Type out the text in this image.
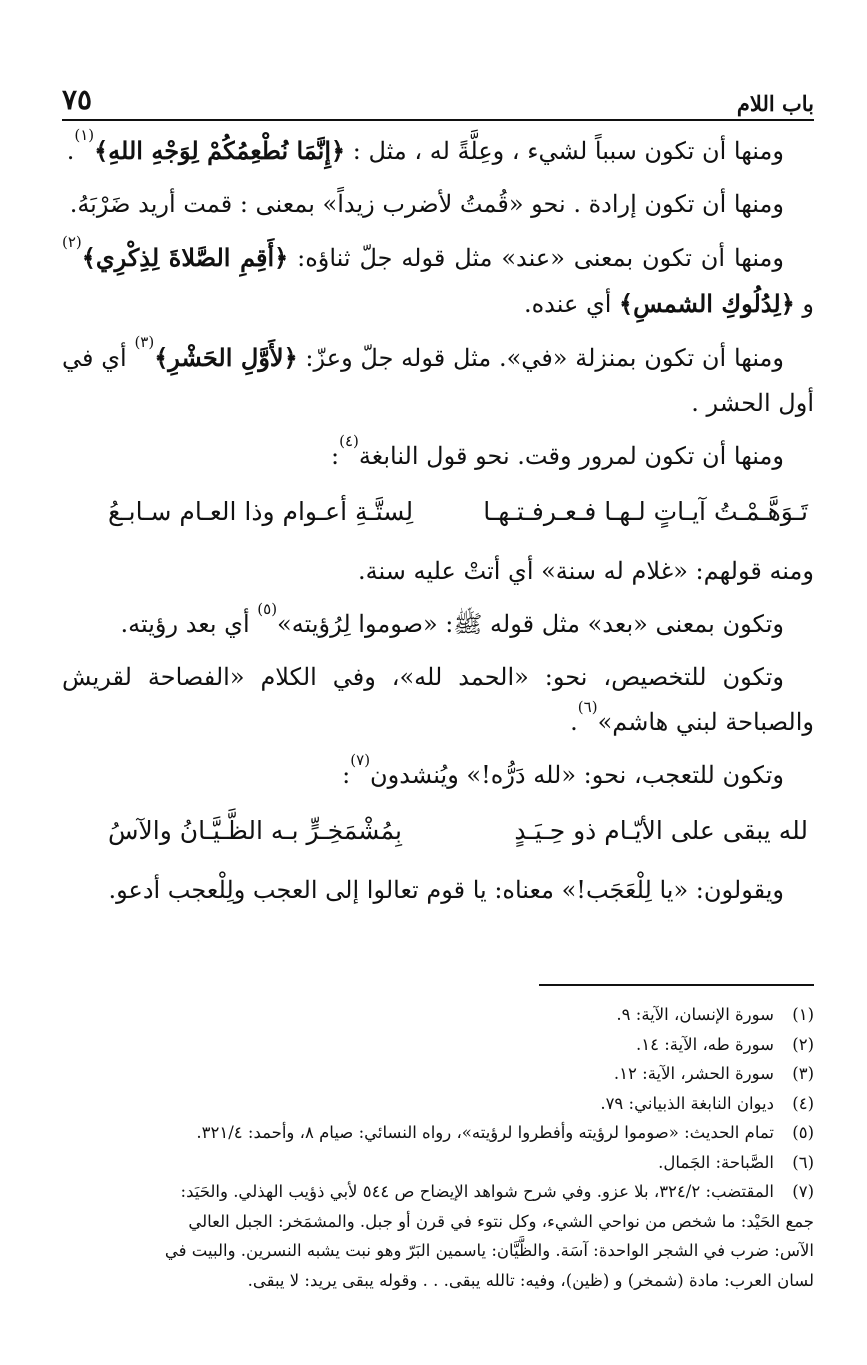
باب اللام
٧٥

ومنها أن تكون سبباً لشيء ، وعِلَّةً له ، مثل : ﴿إِنَّمَا نُطْعِمُكُمْ لِوَجْهِ اللهِ﴾$^{(١)}$.

ومنها أن تكون إرادة . نحو «قُمتُ لأضرب زيداً» بمعنى : قمت أريد ضَرْبَهُ.

ومنها أن تكون بمعنى «عند» مثل قوله جلّ ثناؤه: ﴿أَقِمِ الصَّلاةَ لِذِكْرِي﴾$^{(٢)}$ و ﴿لِدُلُوكِ الشمسِ﴾ أي عنده.

ومنها أن تكون بمنزلة «في». مثل قوله جلّ وعزّ: ﴿لأَوَّلِ الحَشْرِ﴾$^{(٣)}$ أي في أول الحشر .

ومنها أن تكون لمرور وقت. نحو قول النابغة$^{(٤)}$:

تَـوَهَّـمْـتُ آيـاتٍ لـهـا فـعـرفـتـهـا
لِستَّـةِ أعـوام وذا العـام سـابـعُ

ومنه قولهم: «غلام له سنة» أي أتتْ عليه سنة.

وتكون بمعنى «بعد» مثل قوله ﷺ: «صوموا لِرُؤيته»$^{(٥)}$ أي بعد رؤيته.

وتكون للتخصيص، نحو: «الحمد لله»، وفي الكلام «الفصاحة لقريش والصباحة لبني هاشم»$^{(٦)}$.

وتكون للتعجب، نحو: «لله دَرُّه!» ويُنشدون$^{(٧)}$:

لله يبقى على الأيّـام ذو حِـيَـدٍ
بِمُشْمَخِـرٍّ بـه الظَّـيَّـانُ والآسُ

ويقولون: «يا لِلْعَجَب!» معناه: يا قوم تعالوا إلى العجب ولِلْعجب أدعو.

(١)
سورة الإنسان، الآية: ٩.
(٢)
سورة طه، الآية: ١٤.
(٣)
سورة الحشر، الآية: ١٢.
(٤)
ديوان النابغة الذبياني: ٧٩.
(٥)
تمام الحديث: «صوموا لرؤيته وأفطروا لرؤيته»، رواه النسائي: صيام ٨، وأحمد: ٣٢١/٤.
(٦)
الصَّباحة: الجَمال.
(٧)
المقتضب: ٣٢٤/٢، بلا عزو. وفي شرح شواهد الإيضاح ص ٥٤٤ لأبي ذؤيب الهذلي. والحَيَد:
جمع الحَيْد: ما شخص من نواحي الشيء، وكل نتوء في قرن أو جبل. والمشمَخر: الجبل العالي
الآس: ضرب في الشجر الواحدة: آسَة. والظَّيَّان: ياسمين البَرّ وهو نبت يشبه النسرين. والبيت في
لسان العرب: مادة (شمخر) و (ظين)، وفيه: تالله يبقى. . . وقوله يبقى يريد: لا يبقى.
